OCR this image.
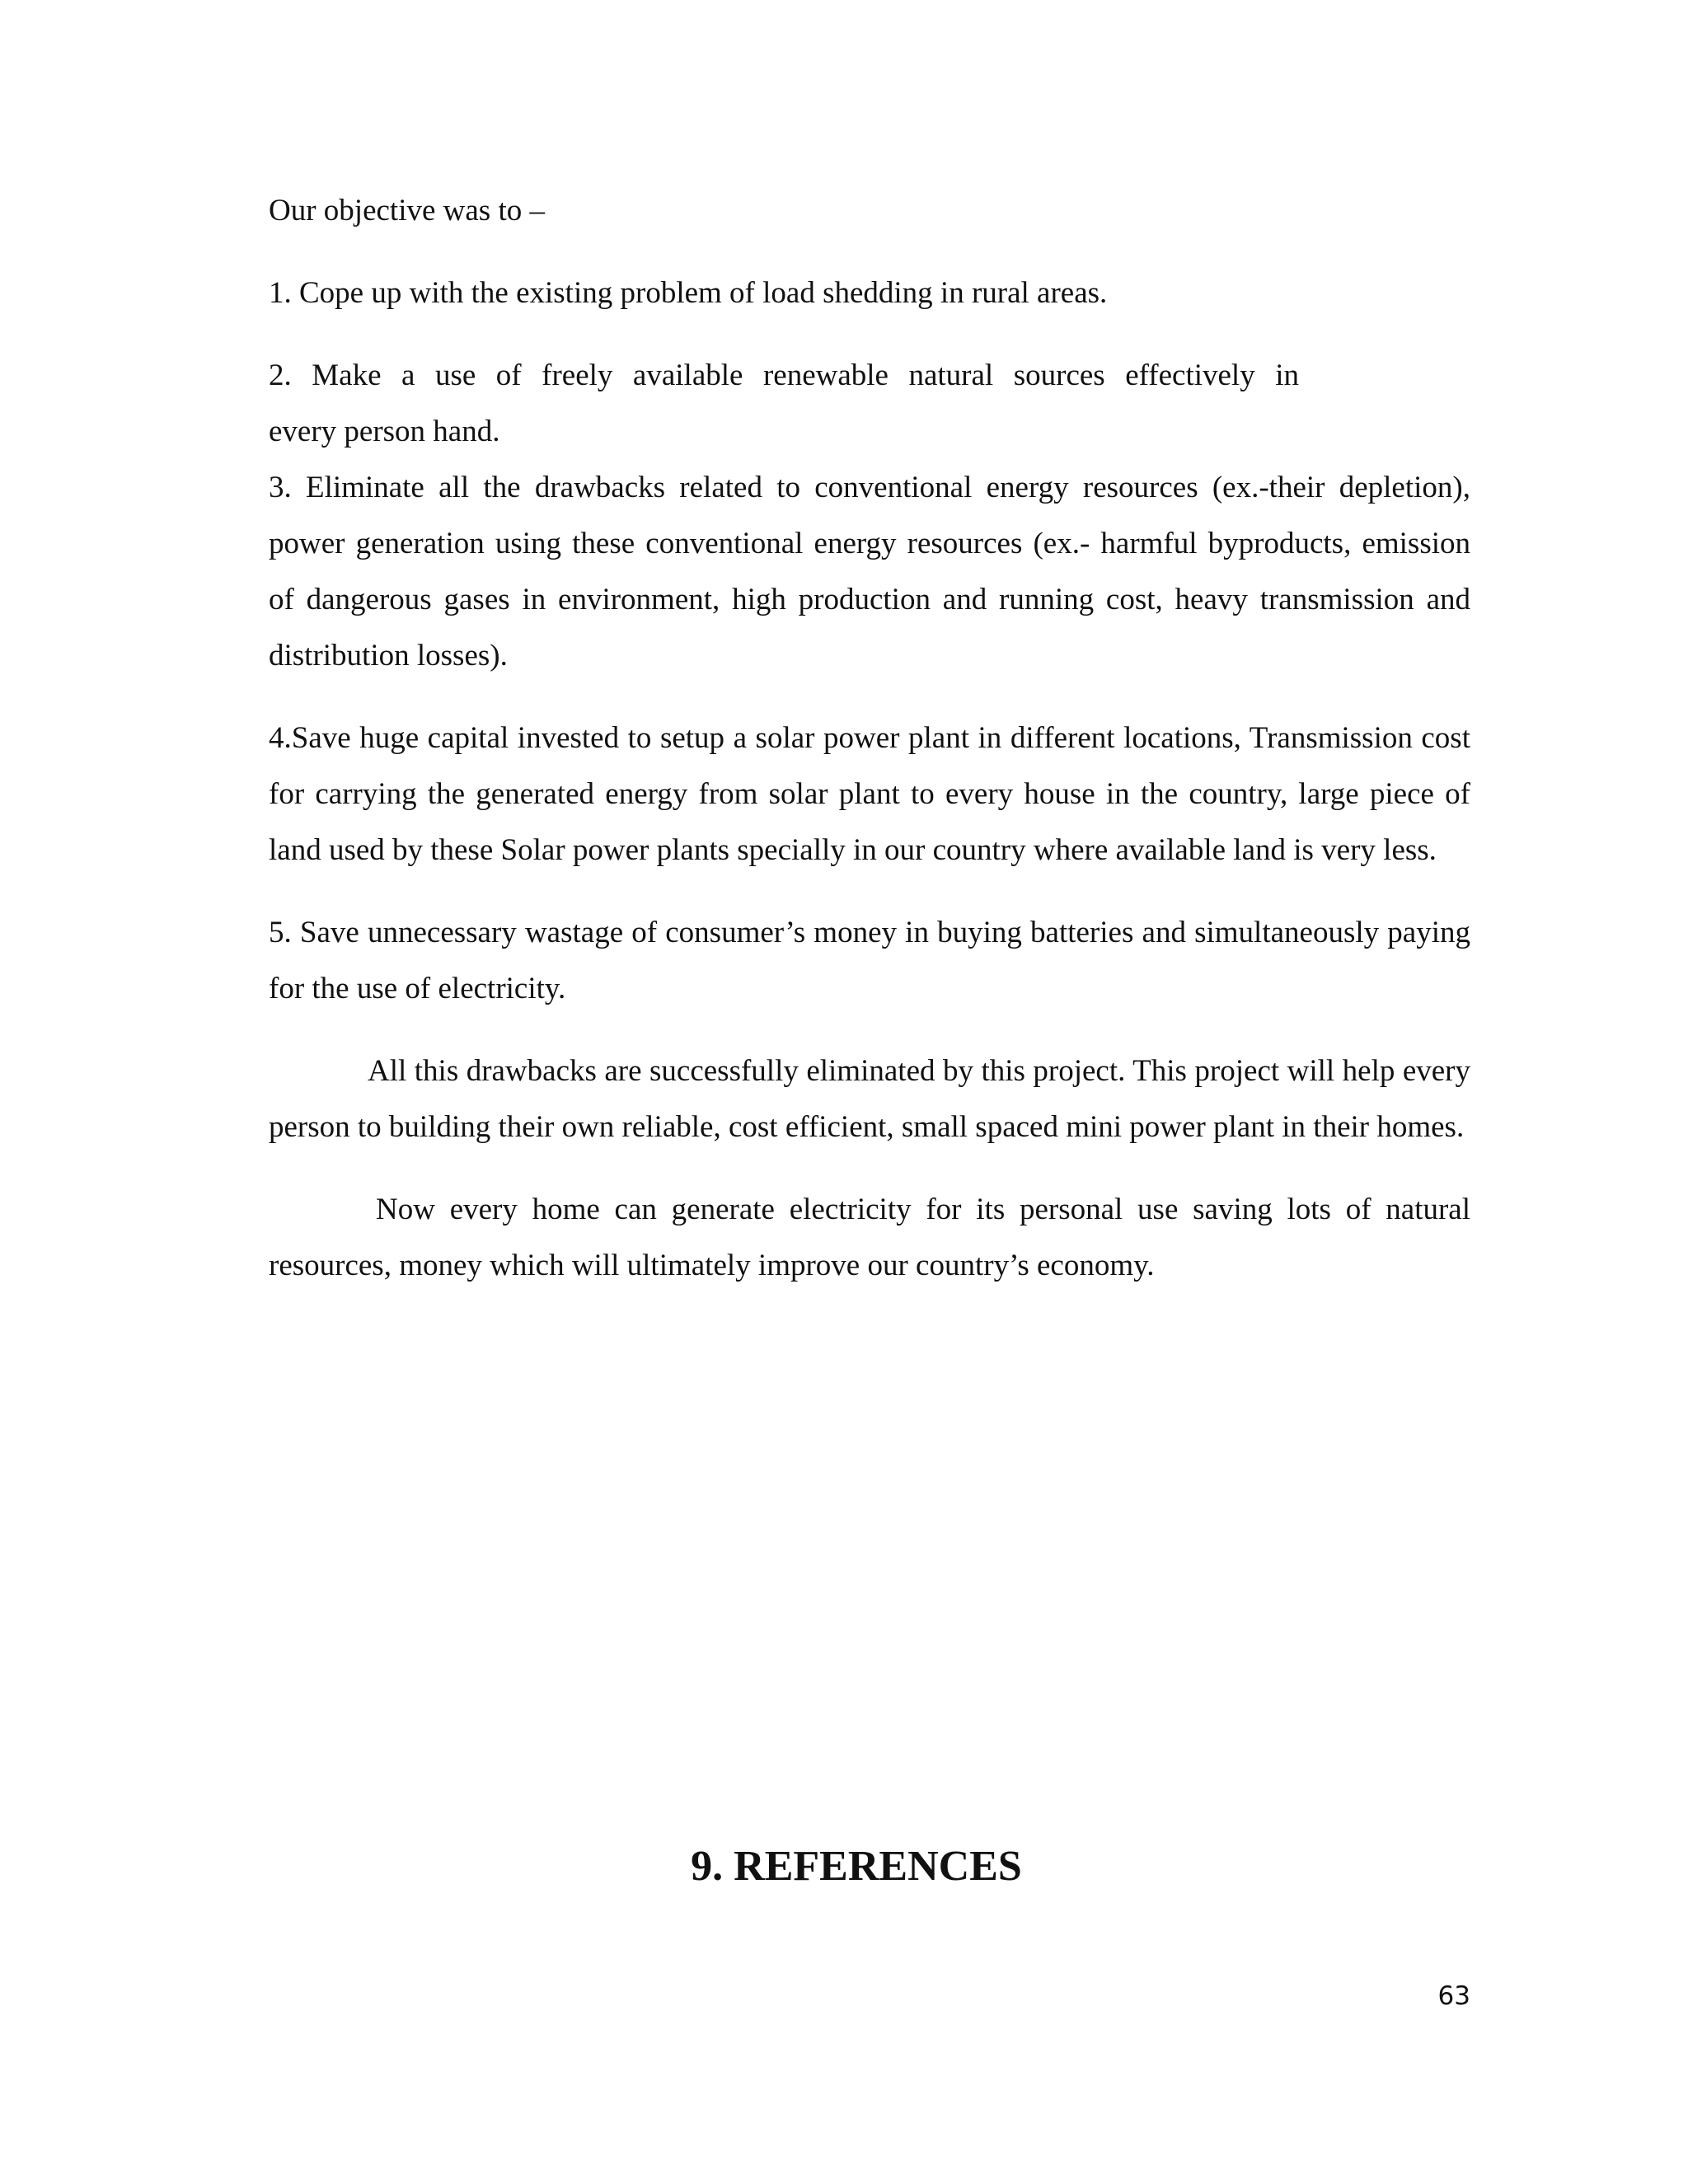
Our objective was to –

1. Cope up with the existing problem of load shedding in rural areas.

2. Make a use of freely available renewable natural sources effectively in

every person hand.

3. Eliminate all the drawbacks related to conventional energy resources (ex.-their depletion), power generation using these conventional energy resources (ex.- harmful byproducts, emission of dangerous gases in environment, high production and running cost, heavy transmission and distribution losses).

4.Save huge capital invested to setup a solar power plant in different locations, Transmission cost for carrying the generated energy from solar plant to every house in the country, large piece of land used by these Solar power plants specially in our country where available land is very less.

5. Save unnecessary wastage of consumer’s money in buying batteries and simultaneously paying for the use of electricity.

All this drawbacks are successfully eliminated by this project. This project will help every person to building their own reliable, cost efficient, small spaced mini power plant in their homes.

Now every home can generate electricity for its personal use saving lots of natural resources, money which will ultimately improve our country’s economy.

9. REFERENCES
63
